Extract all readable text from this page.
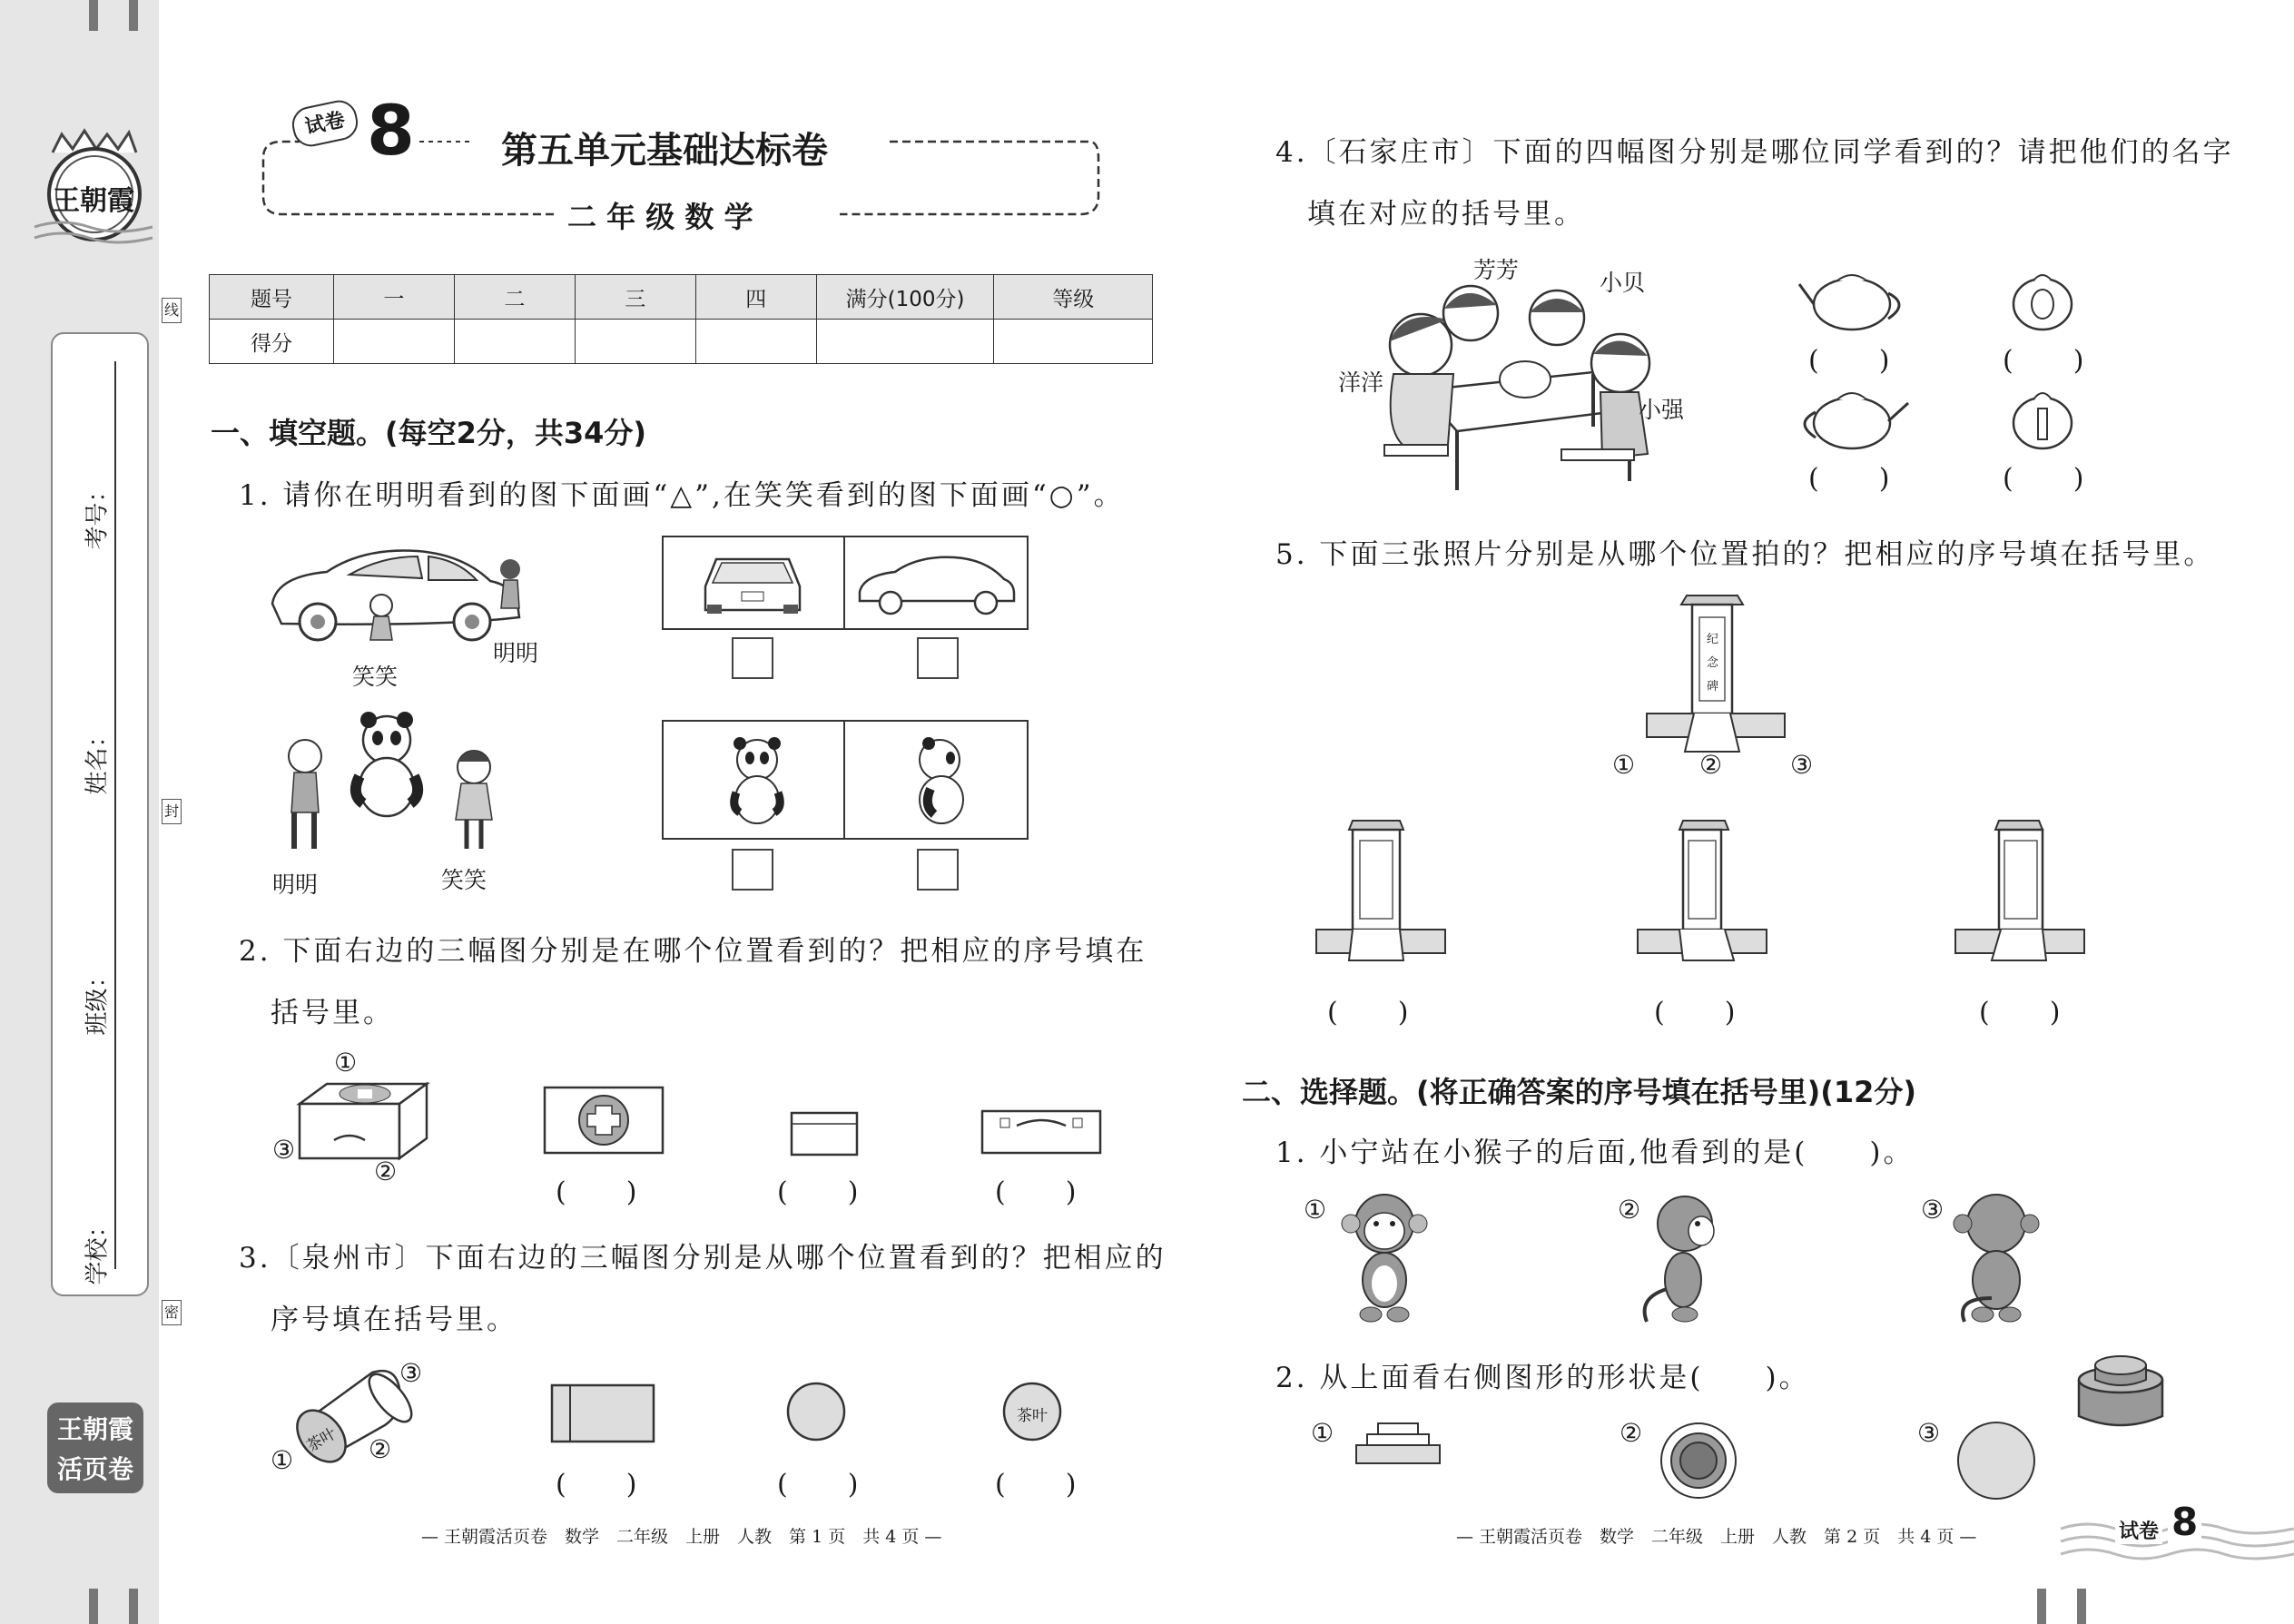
王朝霞
考号：
姓名：
班级：
学校：
线
封
密
王朝霞
活页卷
试卷 8 第五单元基础达标卷
二 年 级 数 学
题号	一	二	三	四	满分(100分)	等级
得分						
一、填空题。(每空2分，共34分)
1. 请你在明明看到的图下面画“△”,在笑笑看到的图下面画“○”。
笑笑
明明
明明	笑笑
2. 下面右边的三幅图分别是在哪个位置看到的？把相应的序号填在
括号里。
①
②
③
(　　)	(　　)	(　　)
3.〔泉州市〕下面右边的三幅图分别是从哪个位置看到的？把相应的
序号填在括号里。
茶叶
①	②
③
茶叶
(　　)	(　　)	(　　)
— 王朝霞活页卷　数学　二年级　上册　人教　第 1 页　共 4 页 —
4.〔石家庄市〕下面的四幅图分别是哪位同学看到的？请把他们的名字
填在对应的括号里。
芳芳	小贝
洋洋
小强
(　　)	(　　)
(　　)	(　　)
5. 下面三张照片分别是从哪个位置拍的？把相应的序号填在括号里。
纪念碑
①	②	③
(　　)	(　　)	(　　)
二、选择题。(将正确答案的序号填在括号里)(12分)
1. 小宁站在小猴子的后面,他看到的是(　　)。
①	②	③
2. 从上面看右侧图形的形状是(　　)。
①	②	③
— 王朝霞活页卷　数学　二年级　上册　人教　第 2 页　共 4 页 —	试卷 8
